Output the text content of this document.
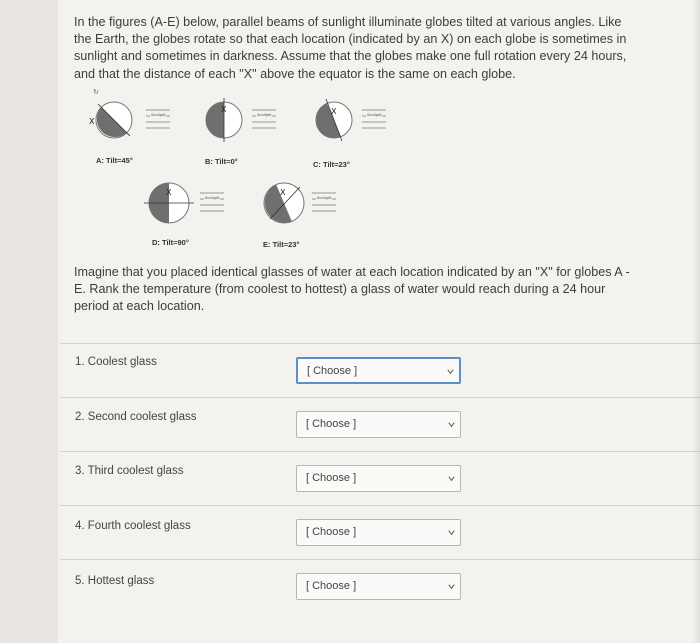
In the figures (A-E) below, parallel beams of sunlight illuminate globes tilted at various angles. Like the Earth, the globes rotate so that each location (indicated by an X) on each globe is sometimes in sunlight and sometimes in darkness. Assume that the globes make one full rotation every 24 hours, and that the distance of each "X" above the equator is the same on each globe.
↻
X
Sunlight
X
Sunlight	X	Sunlight
X
Sunlight
X
Sunlight
A: Tilt=45°	B: Tilt=0°	C: Tilt=23°
D: Tilt=90°	E: Tilt=23°
Imagine that you placed identical glasses of water at each location indicated by an "X" for globes A - E. Rank the temperature (from coolest to hottest) a glass of water would reach during a 24 hour period at each location.
1. Coolest glass
[ Choose ]
2. Second coolest glass
[ Choose ]
3. Third coolest glass
[ Choose ]
4. Fourth coolest glass	[ Choose ]
5. Hottest glass	[ Choose ]
